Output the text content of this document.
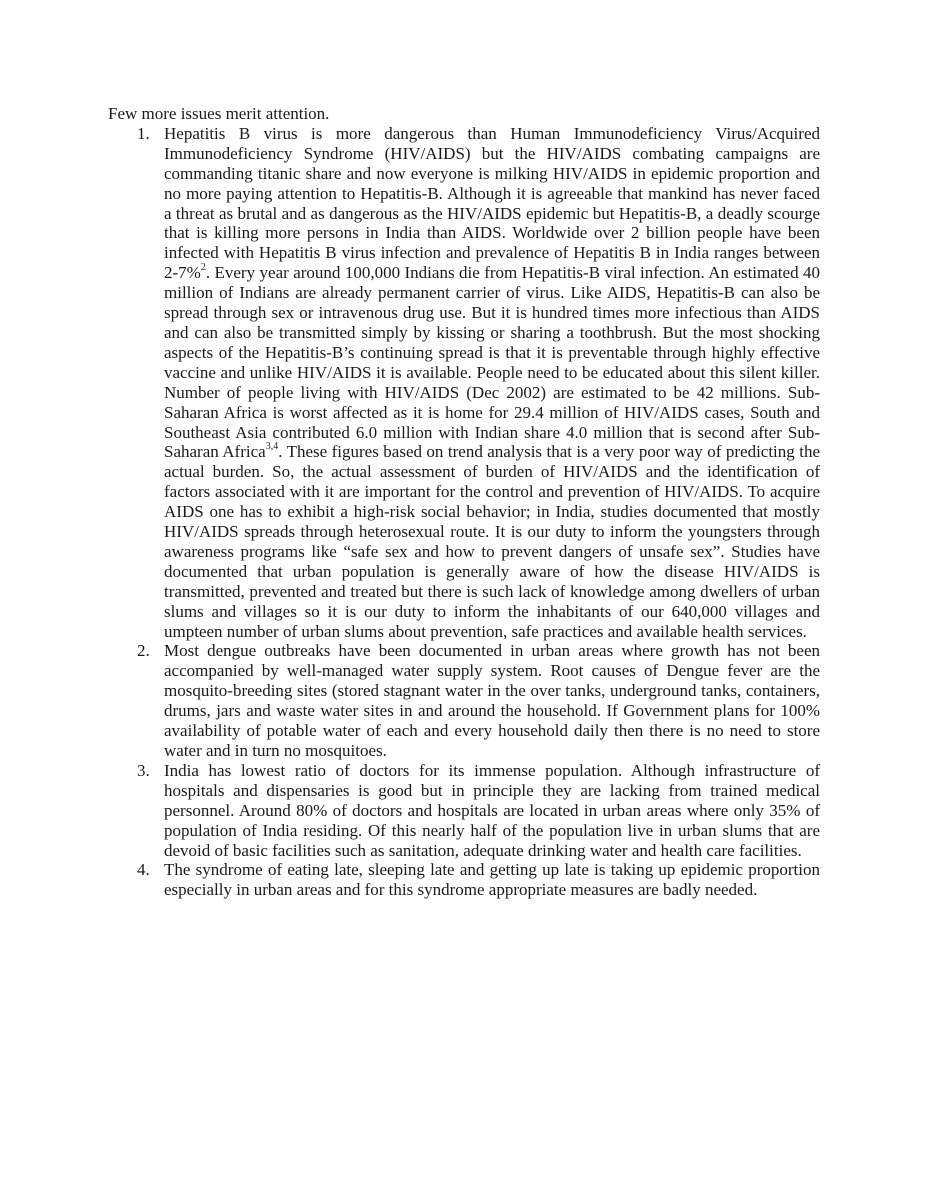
Few more issues merit attention.

1. Hepatitis B virus is more dangerous than Human Immunodeficiency Virus/Acquired Immunodeficiency Syndrome (HIV/AIDS) but the HIV/AIDS combating campaigns are commanding titanic share and now everyone is milking HIV/AIDS in epidemic proportion and no more paying attention to Hepatitis-B. Although it is agreeable that mankind has never faced a threat as brutal and as dangerous as the HIV/AIDS epidemic but Hepatitis-B, a deadly scourge that is killing more persons in India than AIDS. Worldwide over 2 billion people have been infected with Hepatitis B virus infection and prevalence of Hepatitis B in India ranges between 2-7%$^2$. Every year around 100,000 Indians die from Hepatitis-B viral infection. An estimated 40 million of Indians are already permanent carrier of virus. Like AIDS, Hepatitis-B can also be spread through sex or intravenous drug use. But it is hundred times more infectious than AIDS and can also be transmitted simply by kissing or sharing a toothbrush. But the most shocking aspects of the Hepatitis-B’s continuing spread is that it is preventable through highly effective vaccine and unlike HIV/AIDS it is available. People need to be educated about this silent killer. Number of people living with HIV/AIDS (Dec 2002) are estimated to be 42 millions. Sub-Saharan Africa is worst affected as it is home for 29.4 million of HIV/AIDS cases, South and Southeast Asia contributed 6.0 million with Indian share 4.0 million that is second after Sub-Saharan Africa$^{3,4}$. These figures based on trend analysis that is a very poor way of predicting the actual burden. So, the actual assessment of burden of HIV/AIDS and the identification of factors associated with it are important for the control and prevention of HIV/AIDS. To acquire AIDS one has to exhibit a high-risk social behavior; in India, studies documented that mostly HIV/AIDS spreads through heterosexual route. It is our duty to inform the youngsters through awareness programs like “safe sex and how to prevent dangers of unsafe sex”. Studies have documented that urban population is generally aware of how the disease HIV/AIDS is transmitted, prevented and treated but there is such lack of knowledge among dwellers of urban slums and villages so it is our duty to inform the inhabitants of our 640,000 villages and umpteen number of urban slums about prevention, safe practices and available health services.
2. Most dengue outbreaks have been documented in urban areas where growth has not been accompanied by well-managed water supply system. Root causes of Dengue fever are the mosquito-breeding sites (stored stagnant water in the over tanks, underground tanks, containers, drums, jars and waste water sites in and around the household. If Government plans for 100% availability of potable water of each and every household daily then there is no need to store water and in turn no mosquitoes.
3. India has lowest ratio of doctors for its immense population. Although infrastructure of hospitals and dispensaries is good but in principle they are lacking from trained medical personnel. Around 80% of doctors and hospitals are located in urban areas where only 35% of population of India residing. Of this nearly half of the population live in urban slums that are devoid of basic facilities such as sanitation, adequate drinking water and health care facilities.
4. The syndrome of eating late, sleeping late and getting up late is taking up epidemic proportion especially in urban areas and for this syndrome appropriate measures are badly needed.
